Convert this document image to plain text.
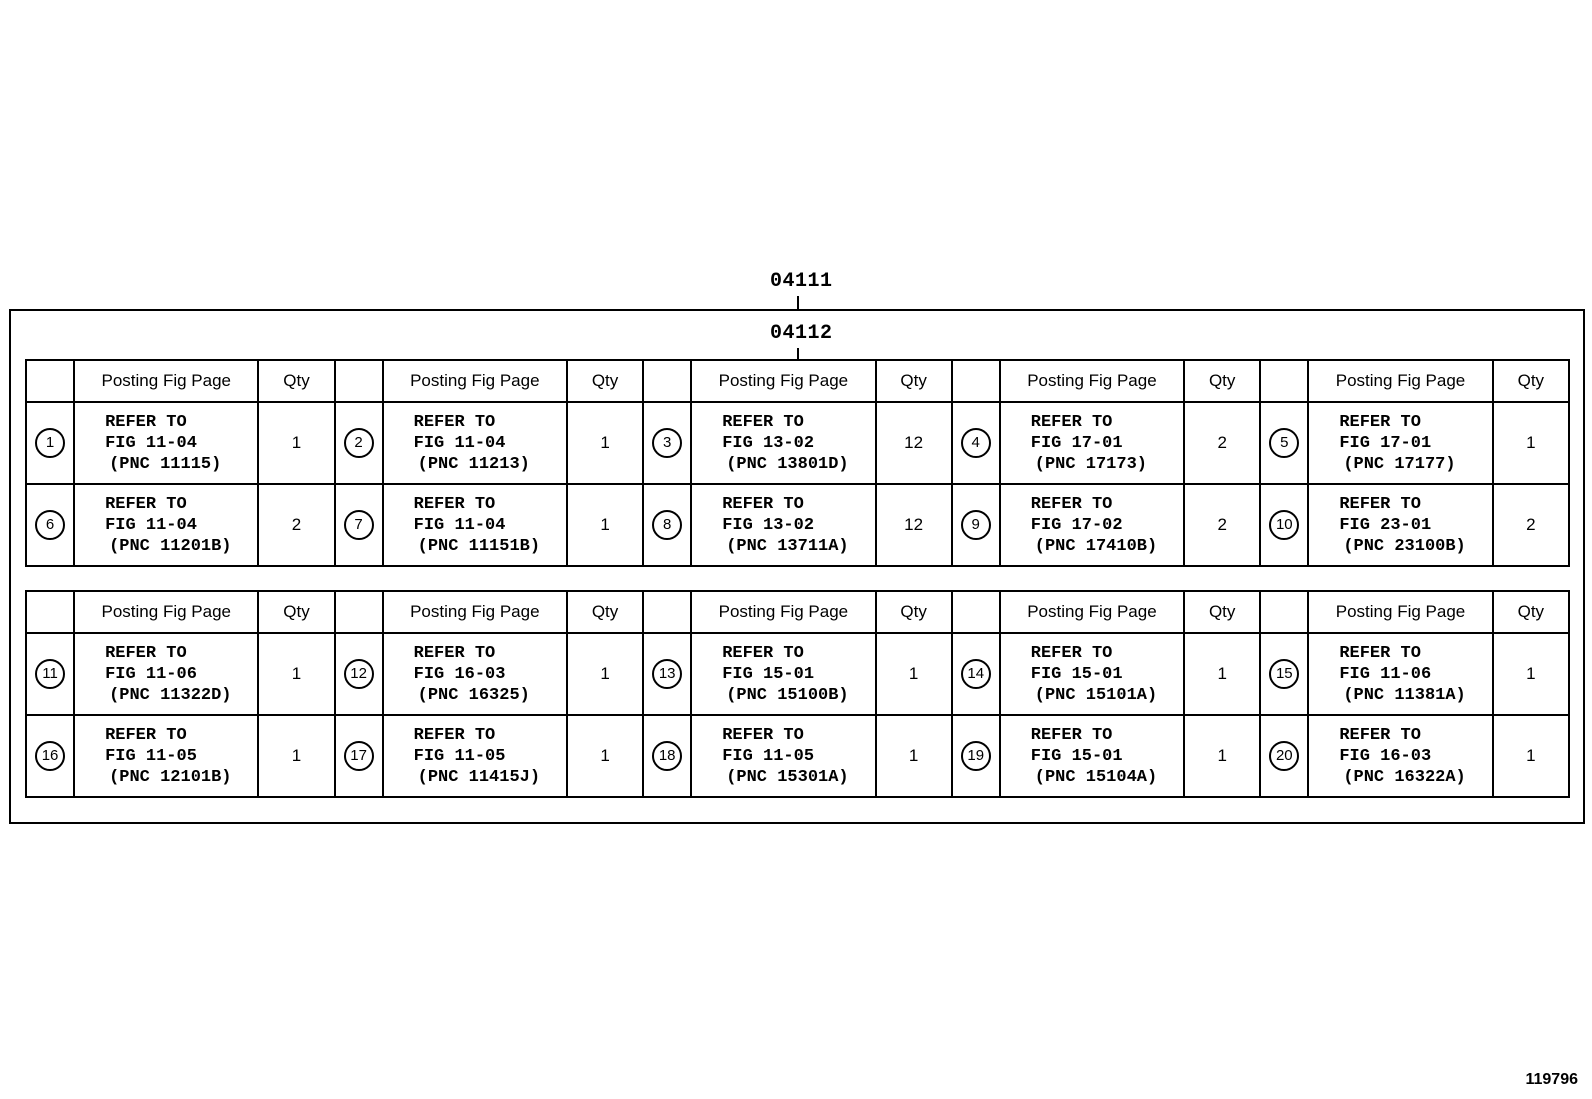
04111
04112
	Posting Fig Page	Qty		Posting Fig Page	Qty		Posting Fig Page	Qty		Posting Fig Page	Qty		Posting Fig Page	Qty
1	REFER TO
FIG 11-04
(PNC 11115)	1	2	REFER TO
FIG 11-04
(PNC 11213)	1	3	REFER TO
FIG 13-02
(PNC 13801D)	12	4	REFER TO
FIG 17-01
(PNC 17173)	2	5	REFER TO
FIG 17-01
(PNC 17177)	1
6	REFER TO
FIG 11-04
(PNC 11201B)	2	7	REFER TO
FIG 11-04
(PNC 11151B)	1	8	REFER TO
FIG 13-02
(PNC 13711A)	12	9	REFER TO
FIG 17-02
(PNC 17410B)	2	10	REFER TO
FIG 23-01
(PNC 23100B)	2
	Posting Fig Page	Qty		Posting Fig Page	Qty		Posting Fig Page	Qty		Posting Fig Page	Qty		Posting Fig Page	Qty
11	REFER TO
FIG 11-06
(PNC 11322D)	1	12	REFER TO
FIG 16-03
(PNC 16325)	1	13	REFER TO
FIG 15-01
(PNC 15100B)	1	14	REFER TO
FIG 15-01
(PNC 15101A)	1	15	REFER TO
FIG 11-06
(PNC 11381A)	1
16	REFER TO
FIG 11-05
(PNC 12101B)	1	17	REFER TO
FIG 11-05
(PNC 11415J)	1	18	REFER TO
FIG 11-05
(PNC 15301A)	1	19	REFER TO
FIG 15-01
(PNC 15104A)	1	20	REFER TO
FIG 16-03
(PNC 16322A)	1
119796
